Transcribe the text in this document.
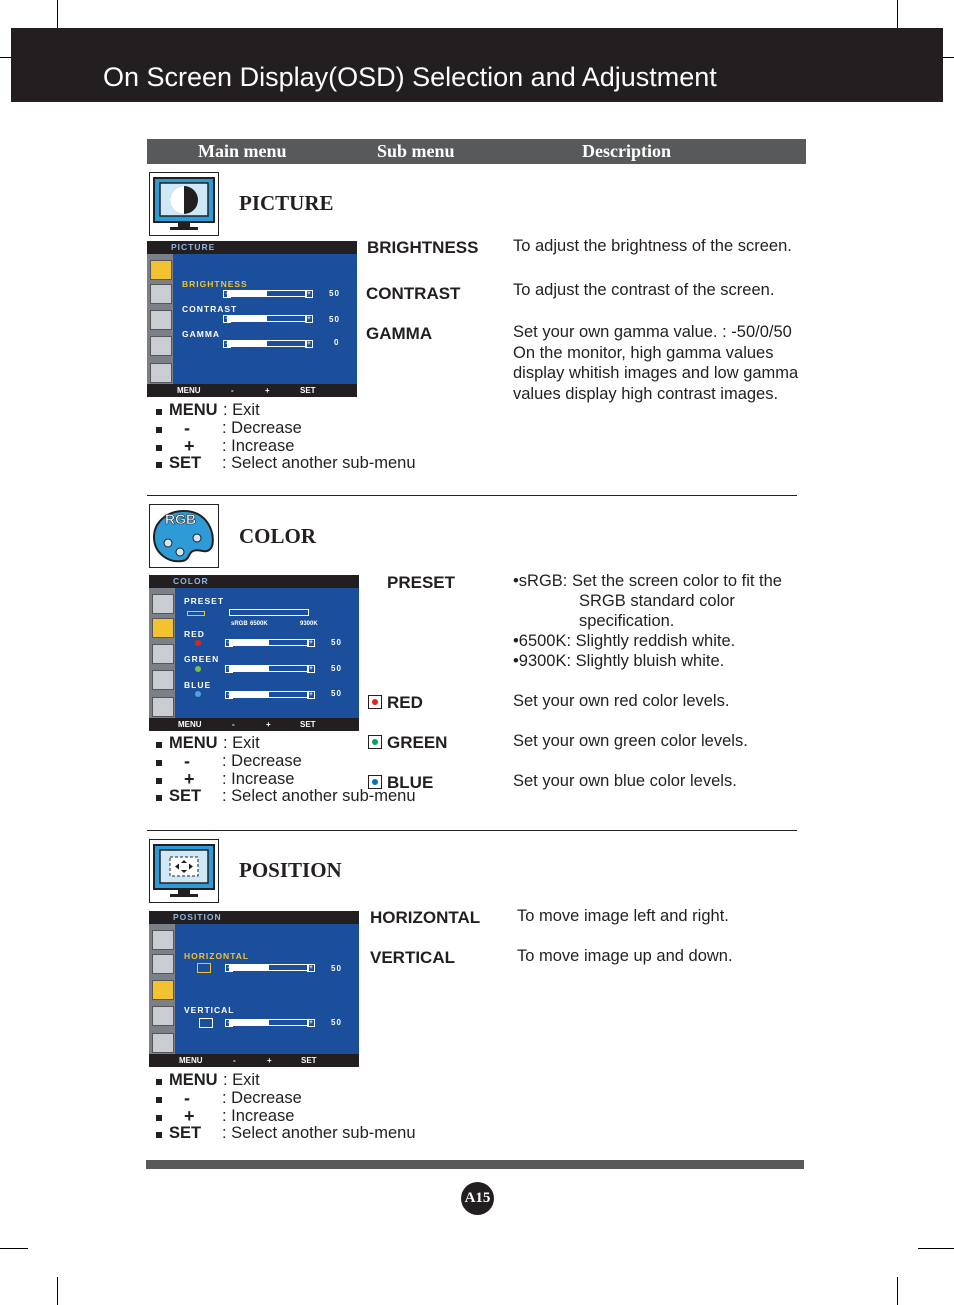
On Screen Display(OSD) Selection and Adjustment
Main menu	Sub menu	Description
PICTURE
PICTURE
BRIGHTNESS
+ 50
CONTRAST
+ 50
GAMMA
+	0
MENU	-	+	SET
BRIGHTNESS To adjust the brightness of the screen.
CONTRAST	To adjust the contrast of the screen.
GAMMA	Set your own gamma value. : -50/0/50
On the monitor, high gamma values
display whitish images and low gamma
values display high contrast images.
MENU : Exit
- : Decrease
+ : Increase
SET : Select another sub-menu
RGB
COLOR
COLOR
PRESET
sRGB 6500K	9300K
RED
+ 50
GREEN
+ 50
BLUE
+ 50
MENU	-	+	SET
PRESET	•sRGB: Set the screen color to fit the
SRGB standard color
specification.
•6500K: Slightly reddish white.
•9300K: Slightly bluish white.
RED	Set your own red color levels.
GREEN	Set your own green color levels.
BLUE	Set your own blue color levels.
MENU : Exit
- : Decrease
+ : Increase
SET : Select another sub-menu
POSITION
POSITION
HORIZONTAL
+ 50
VERTICAL
+ 50
MENU	-	+	SET
HORIZONTAL To move image left and right.
VERTICAL	To move image up and down.
MENU : Exit
- : Decrease
+ : Increase
SET : Select another sub-menu
A15
